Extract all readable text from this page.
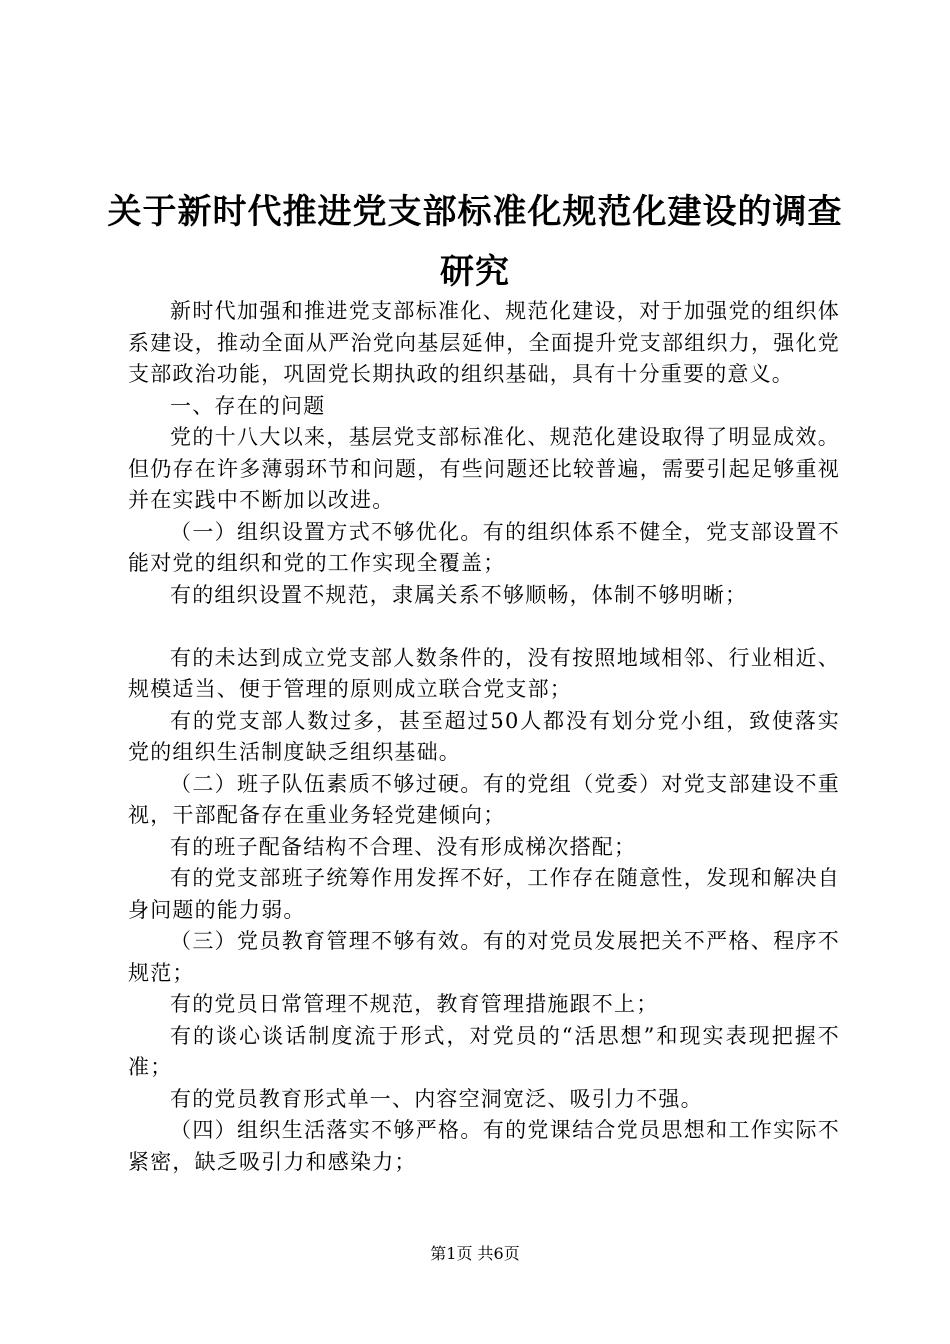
关于新时代推进党支部标准化规范化建设的调查研究

新时代加强和推进党支部标准化、规范化建设，对于加强党的组织体系建设，推动全面从严治党向基层延伸，全面提升党支部组织力，强化党支部政治功能，巩固党长期执政的组织基础，具有十分重要的意义。

一、存在的问题

党的十八大以来，基层党支部标准化、规范化建设取得了明显成效。但仍存在许多薄弱环节和问题，有些问题还比较普遍，需要引起足够重视并在实践中不断加以改进。

（一）组织设置方式不够优化。有的组织体系不健全，党支部设置不能对党的组织和党的工作实现全覆盖；

有的组织设置不规范，隶属关系不够顺畅，体制不够明晰；

有的未达到成立党支部人数条件的，没有按照地域相邻、行业相近、规模适当、便于管理的原则成立联合党支部；

有的党支部人数过多，甚至超过50人都没有划分党小组，致使落实党的组织生活制度缺乏组织基础。

（二）班子队伍素质不够过硬。有的党组（党委）对党支部建设不重视，干部配备存在重业务轻党建倾向；

有的班子配备结构不合理、没有形成梯次搭配；

有的党支部班子统筹作用发挥不好，工作存在随意性，发现和解决自身问题的能力弱。

（三）党员教育管理不够有效。有的对党员发展把关不严格、程序不规范；

有的党员日常管理不规范，教育管理措施跟不上；

有的谈心谈话制度流于形式，对党员的“活思想”和现实表现把握不准；

有的党员教育形式单一、内容空洞宽泛、吸引力不强。

（四）组织生活落实不够严格。有的党课结合党员思想和工作实际不紧密，缺乏吸引力和感染力；

第1页 共6页
